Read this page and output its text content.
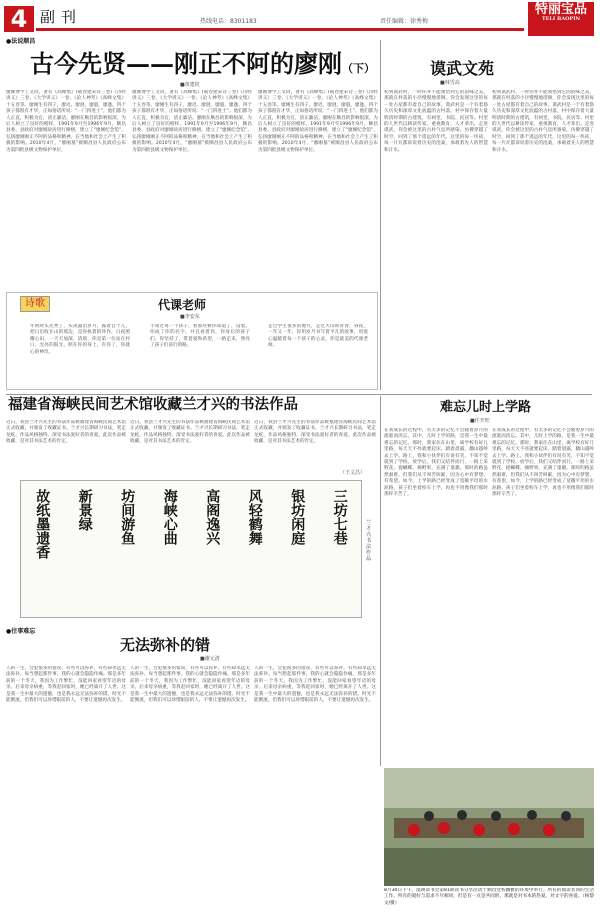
4 副刊	热线电话：8301183	责任编辑：徐秀梅
特丽宝品
TELI BAOPIN
●法说顺昌
古今先贤——刚正不阿的廖刚（下）
■黄建钦
廖刚博学工文词，著有《高峰集》(载卷建宋诗三卷)《诗经讲义》三卷，《大学讲义》一卷、《论人神考》《高峰文集》十五卷等。廖刚生有四子，廖迟、廖迥、廖遐、廖逢。四个孩子都很有才华，正如俗话所说：“一门四进士”。他们都为人正直，积极为官，清正廉洁。廖刚在顺昌的影响很深，为后人树立了良好的榜样。1991年9月至1996年9月，顺昌县委、县政府对廖刚故居进行修缮，建立了“廖刚纪念馆”，弘扬廖刚刚正不阿的品格和精神，在当地和社会上产生了积极的影响。2010年4月，“廖刚墓”被顺昌县人民政府公布为第四批县级文物保护单位。
廖刚博学工文词，著有《高峰集》(载卷建宋诗三卷)《诗经讲义》三卷，《大学讲义》一卷、《论人神考》《高峰文集》十五卷等。廖刚生有四子，廖迟、廖迥、廖遐、廖逢。四个孩子都很有才华，正如俗话所说：“一门四进士”。他们都为人正直，积极为官，清正廉洁。廖刚在顺昌的影响很深，为后人树立了良好的榜样。1991年9月至1996年9月，顺昌县委、县政府对廖刚故居进行修缮，建立了“廖刚纪念馆”，弘扬廖刚刚正不阿的品格和精神，在当地和社会上产生了积极的影响。2010年4月，“廖刚墓”被顺昌县人民政府公布为第四批县级文物保护单位。
廖刚博学工文词，著有《高峰集》(载卷建宋诗三卷)《诗经讲义》三卷，《大学讲义》一卷、《论人神考》《高峰文集》十五卷等。廖刚生有四子，廖迟、廖迥、廖遐、廖逢。四个孩子都很有才华，正如俗话所说：“一门四进士”。他们都为人正直，积极为官，清正廉洁。廖刚在顺昌的影响很深，为后人树立了良好的榜样。1991年9月至1996年9月，顺昌县委、县政府对廖刚故居进行修缮，建立了“廖刚纪念馆”，弘扬廖刚刚正不阿的品格和精神，在当地和社会上产生了积极的影响。2010年4月，“廖刚墓”被顺昌县人民政府公布为第四批县级文物保护单位。
谟武文苑
■林雪高
初到谟武村，一时你并不能领悟到它的韵味之美，那就在村落的小径慢慢地徘徊，你会发现这里的每一处古屋都有着自己的故事。谟武村是一个有着悠久历史和深厚文化底蕴的古村落，村中保存着大量明清时期的古建筑，有祠堂、书院、民居等。村里的人世代以耕读传家，重视教育，人才辈出。走进谟武，你会被这里的古朴气息所感染，仿佛穿越了时空，回到了那个遥远的年代。这里的每一块砖、每一片瓦都诉说着历史的沧桑，承载着先人的智慧和汗水。
初到谟武村，一时你并不能领悟到它的韵味之美，那就在村落的小径慢慢地徘徊，你会发现这里的每一处古屋都有着自己的故事。谟武村是一个有着悠久历史和深厚文化底蕴的古村落，村中保存着大量明清时期的古建筑，有祠堂、书院、民居等。村里的人世代以耕读传家，重视教育，人才辈出。走进谟武，你会被这里的古朴气息所感染，仿佛穿越了时空，回到了那个遥远的年代。这里的每一块砖、每一片瓦都诉说着历史的沧桑，承载着先人的智慧和汗水。
诗歌	代课老师
■李安东
年初时头先秃了，头顶露出岁月，露着自个儿，把日出收在山的那边，是你执着的坏作，日夜照耀心田，一天天加深，清晨，你是第一位站在村口，光亮的阳光，照在你的身上，有你了，你就心的神奇。
不知过每一个孩子，看那些被你知道了，设着，你成了你的名字，并且看着你，你身后的孩子们，你坚持了，带着爱和希望，一路走来，照亮了孩子们前行的路。
走过学生很多的地方，走过大山和青春，昼夜，一年又一年，你用岁月书写着平凡的故事，用爱心温暖着每一个孩子的心灵，你是最美的代课老师。
福建省海峡民间艺术馆收藏兰才兴的书法作品
近日，我县兰才兴先生的书法作品被福建省海峡民间艺术馆正式收藏，并颁发了收藏证书。兰才兴长期研习书法，笔走龙蛇，作品风格独特，深受书法爱好者的喜爱。此次作品被收藏，是对其书法艺术的肯定。
近日，我县兰才兴先生的书法作品被福建省海峡民间艺术馆正式收藏，并颁发了收藏证书。兰才兴长期研习书法，笔走龙蛇，作品风格独特，深受书法爱好者的喜爱。此次作品被收藏，是对其书法艺术的肯定。
近日，我县兰才兴先生的书法作品被福建省海峡民间艺术馆正式收藏，并颁发了收藏证书。兰才兴长期研习书法，笔走龙蛇，作品风格独特，深受书法爱好者的喜爱。此次作品被收藏，是对其书法艺术的肯定。
（王文昌）
三坊七巷
银坊闲庭
风轻鹤舞
高阁逸兴
海峡心曲
坊间游鱼
新景绿
故纸墨遗香	兰才兴书法作品
难忘儿时上学路
■任开旺
在我成长的过程中，有太多的记忆不会随着岁月的流逝而淡忘。其中，儿时上学的路，是我一生中最难忘的记忆。那时，我家住在山里，离学校有好几里路，每天天不亮就要起床，踏着晨露，翻山越岭去上学。路上，我和小伙伴们有说有笑，不知不觉就到了学校。放学后，我们又结伴而行，一路上采野花、捉蝴蝶、摘野果，充满了童趣。那时的路虽然艰难，但我们从不叫苦叫累，因为心中有梦想，有希望。如今，上学的路已经变成了宽敞平坦的水泥路，孩子们坐着校车上学，再也不用像我们那时那样辛苦了。
在我成长的过程中，有太多的记忆不会随着岁月的流逝而淡忘。其中，儿时上学的路，是我一生中最难忘的记忆。那时，我家住在山里，离学校有好几里路，每天天不亮就要起床，踏着晨露，翻山越岭去上学。路上，我和小伙伴们有说有笑，不知不觉就到了学校。放学后，我们又结伴而行，一路上采野花、捉蝴蝶、摘野果，充满了童趣。那时的路虽然艰难，但我们从不叫苦叫累，因为心中有梦想，有希望。如今，上学的路已经变成了宽敞平坦的水泥路，孩子们坐着校车上学，再也不用像我们那时那样辛苦了。
●往事难忘
无法弥补的错
■谢元清
人的一生，会犯很多的错误，有些可以弥补，有些却永远无法弥补。每当想起那件事，我的心就会隐隐作痛。那是多年前的一个冬天，我因为工作繁忙，没能回家看望年迈的母亲。后来母亲病重，等我赶回家时，她已经离开了人世。这是我一生中最大的遗憾，也是我永远无法弥补的错。时光不能倒流，但我们可以珍惜眼前的人，不要让遗憾再次发生。
人的一生，会犯很多的错误，有些可以弥补，有些却永远无法弥补。每当想起那件事，我的心就会隐隐作痛。那是多年前的一个冬天，我因为工作繁忙，没能回家看望年迈的母亲。后来母亲病重，等我赶回家时，她已经离开了人世。这是我一生中最大的遗憾，也是我永远无法弥补的错。时光不能倒流，但我们可以珍惜眼前的人，不要让遗憾再次发生。
人的一生，会犯很多的错误，有些可以弥补，有些却永远无法弥补。每当想起那件事，我的心就会隐隐作痛。那是多年前的一个冬天，我因为工作繁忙，没能回家看望年迈的母亲。后来母亲病重，等我赶回家时，她已经离开了人世。这是我一生中最大的遗憾，也是我永远无法弥补的错。时光不能倒流，但我们可以珍惜眼前的人，不要让遗憾再次发生。
8月30日下午，漠洲读书会第81期读书分享活动于顺昌党校幽雅的环境中举行。所有的阅读者同的生活工作、所有的爱好与追求不尽相同，但是有一点是共同的，那就是对书本的热爱、对文字的喜爱。（杨黎 文/摄）
